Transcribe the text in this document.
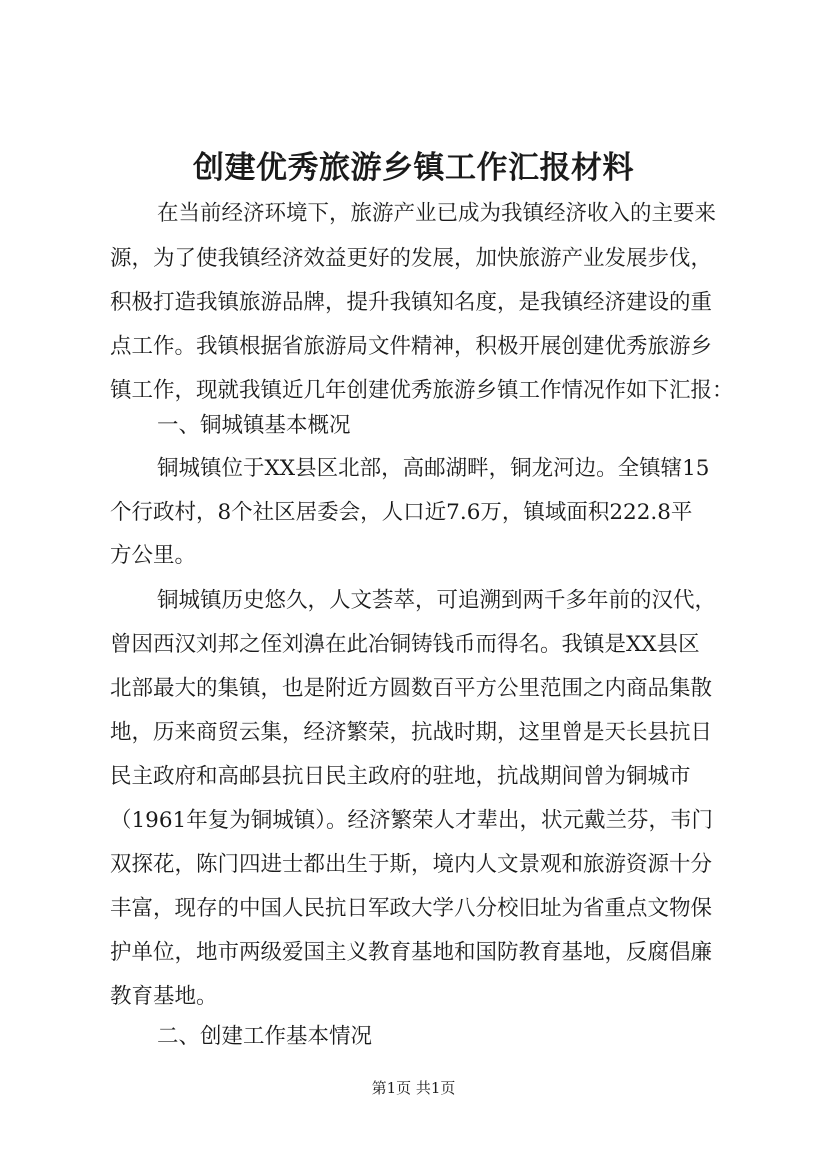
创建优秀旅游乡镇工作汇报材料

在当前经济环境下，旅游产业已成为我镇经济收入的主要来

源，为了使我镇经济效益更好的发展，加快旅游产业发展步伐，

积极打造我镇旅游品牌，提升我镇知名度，是我镇经济建设的重

点工作。我镇根据省旅游局文件精神，积极开展创建优秀旅游乡

镇工作，现就我镇近几年创建优秀旅游乡镇工作情况作如下汇报：

一、铜城镇基本概况

铜城镇位于XX县区北部，高邮湖畔，铜龙河边。全镇辖15

个行政村，8个社区居委会，人口近7.6万，镇域面积222.8平

方公里。

铜城镇历史悠久，人文荟萃，可追溯到两千多年前的汉代，

曾因西汉刘邦之侄刘濞在此冶铜铸钱币而得名。我镇是XX县区

北部最大的集镇，也是附近方圆数百平方公里范围之内商品集散

地，历来商贸云集，经济繁荣，抗战时期，这里曾是天长县抗日

民主政府和高邮县抗日民主政府的驻地，抗战期间曾为铜城市

（1961年复为铜城镇）。经济繁荣人才辈出，状元戴兰芬，韦门

双探花，陈门四进士都出生于斯，境内人文景观和旅游资源十分

丰富，现存的中国人民抗日军政大学八分校旧址为省重点文物保

护单位，地市两级爱国主义教育基地和国防教育基地，反腐倡廉

教育基地。

二、创建工作基本情况

第1页 共1页
